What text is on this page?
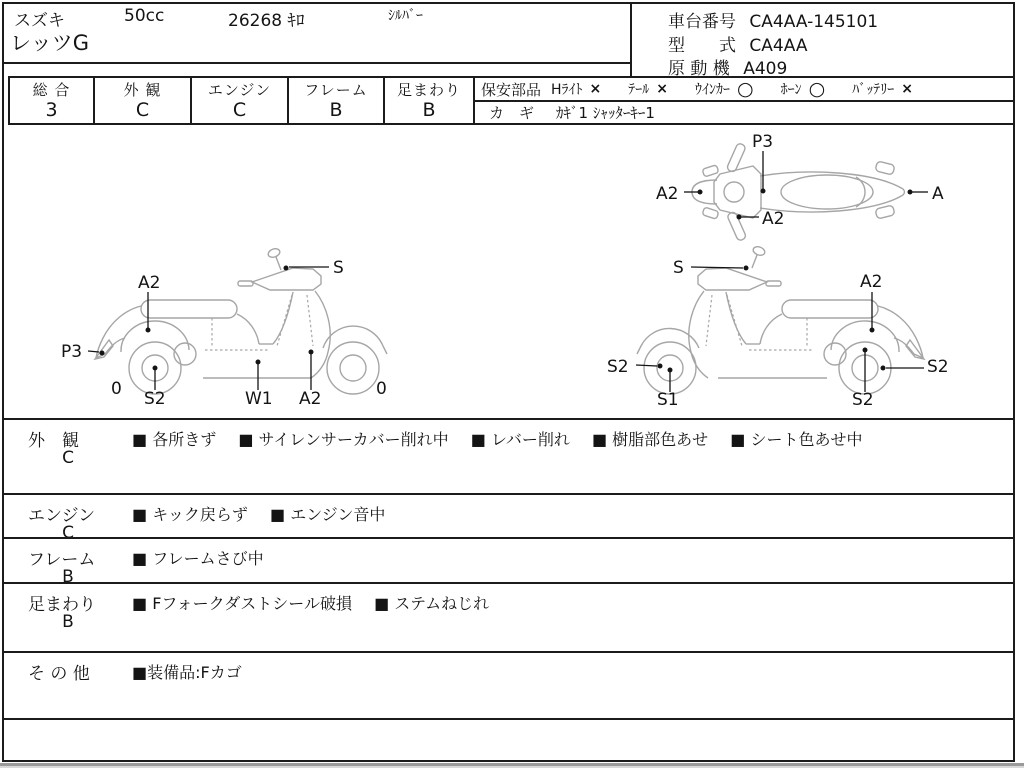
スズキ
レッツG
50cc	26268 ｷﾛ	ｼﾙﾊﾞｰ	車台番号 CA4AA-145101
型　　式 CA4AA
原 動 機 A409
総 合
3
外 観
C
エンジン
C
フレーム
B
足まわり
B
保安部品 Hﾗｲﾄ × ﾃｰﾙ × ｳｲﾝｶｰ ○ ﾎｰﾝ ○ ﾊﾞｯﾃﾘｰ ×
カ　ギ ｶｷﾞ1 ｼｬｯﾀｰｷｰ1
P3
A2
A2
A
S
A2
P3
0 S2	W1 A2	0
S
A2
S2
S1	S2
S2
外　観
C
■ 各所きず ■ サイレンサーカバー削れ中 ■ レバー削れ ■ 樹脂部色あせ ■ シート色あせ中
エンジン
C
■ キック戻らず ■ エンジン音中
フレーム
B
■ フレームさび中
足まわり
B
■ Fフォークダストシール破損 ■ ステムねじれ
そ の 他	■装備品:Fカゴ
